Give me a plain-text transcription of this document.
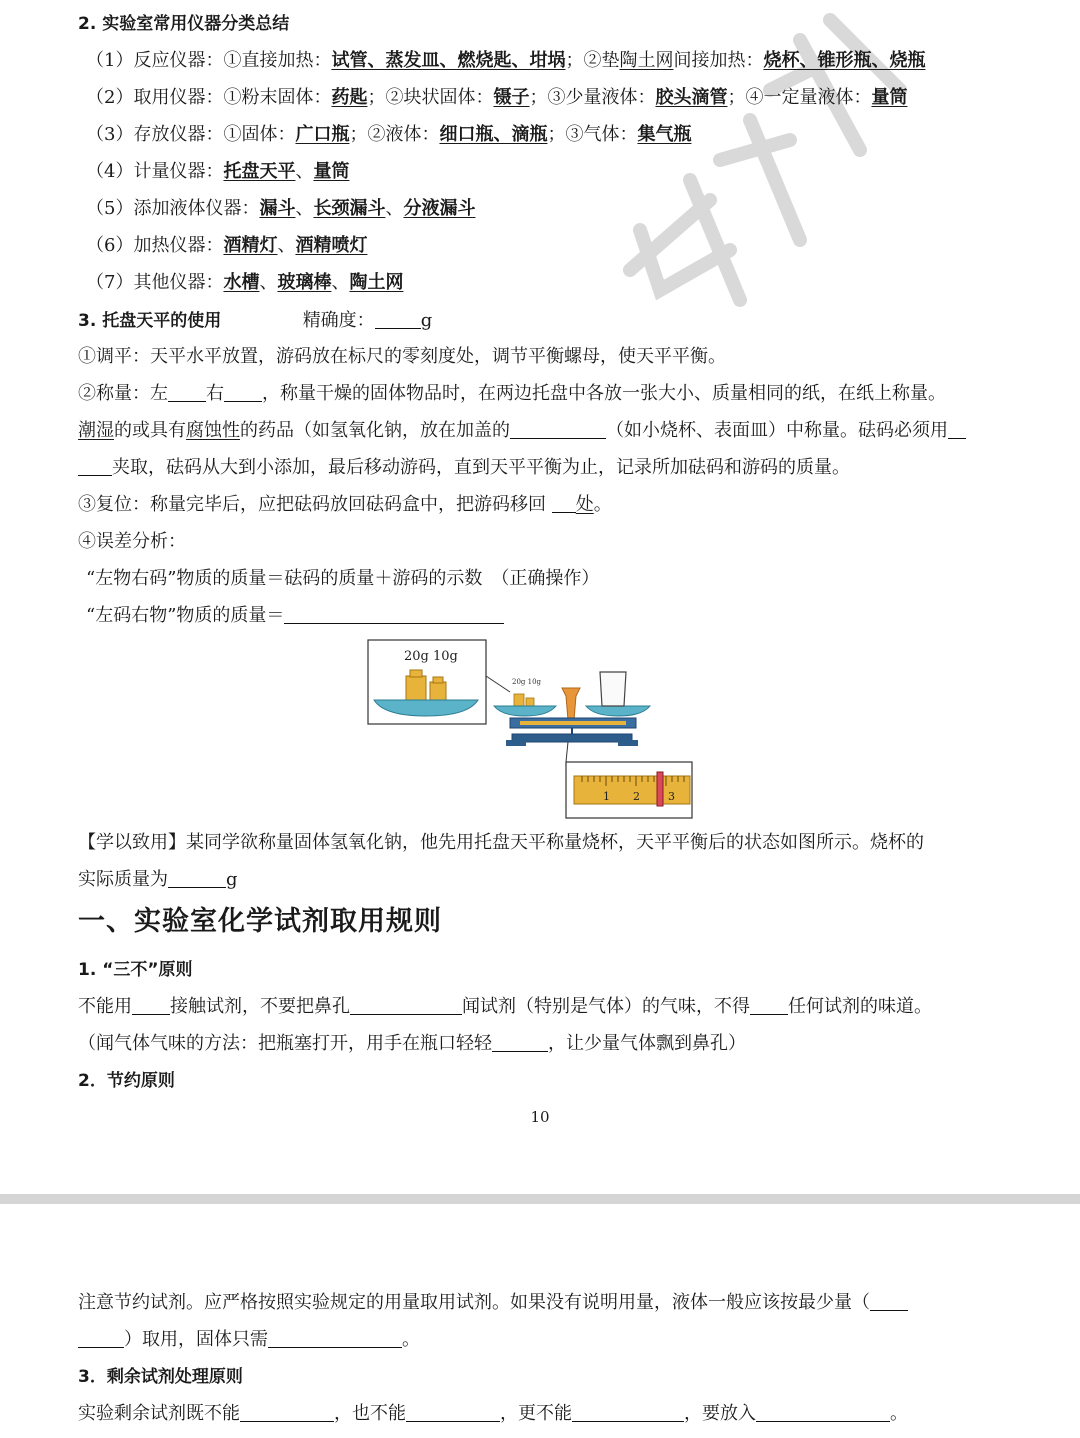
2. 实验室常用仪器分类总结
（1）反应仪器：①直接加热：试管、蒸发皿、燃烧匙、坩埚；②垫陶土网间接加热：烧杯、锥形瓶、烧瓶
（2）取用仪器：①粉末固体：药匙；②块状固体：镊子；③少量液体：胶头滴管；④一定量液体：量筒
（3）存放仪器：①固体：广口瓶；②液体：细口瓶、滴瓶；③气体：集气瓶
（4）计量仪器：托盘天平、量筒
（5）添加液体仪器：漏斗、长颈漏斗、分液漏斗
（6）加热仪器：酒精灯、酒精喷灯
（7）其他仪器：水槽、玻璃棒、陶土网
3. 托盘天平的使用	精确度：	g
①调平：天平水平放置，游码放在标尺的零刻度处，调节平衡螺母，使天平平衡。
②称量：左 右 ，称量干燥的固体物品时，在两边托盘中各放一张大小、质量相同的纸，在纸上称量。
潮湿的或具有腐蚀性的药品（如氢氧化钠，放在加盖的	（如小烧杯、表面皿）中称量。砝码必须用
夹取，砝码从大到小添加，最后移动游码，直到天平平衡为止，记录所加砝码和游码的质量。
③复位：称量完毕后，应把砝码放回砝码盒中，把游码移回 处。
④误差分析：
“左物右码”物质的质量＝砝码的质量＋游码的示数　（正确操作）
“左码右物”物质的质量＝
20g 10g
20g 10g
1 2	3
【学以致用】某同学欲称量固体氢氧化钠，他先用托盘天平称量烧杯，天平平衡后的状态如图所示。烧杯的
实际质量为	g
一、实验室化学试剂取用规则
1. “三不”原则
不能用 接触试剂，不要把鼻孔	闻试剂（特别是气体）的气味，不得 任何试剂的味道。
（闻气体气味的方法：把瓶塞打开，用手在瓶口轻轻	，让少量气体飘到鼻孔）
2．节约原则
10
注意节约试剂。应严格按照实验规定的用量取用试剂。如果没有说明用量，液体一般应该按最少量（
）取用，固体只需	。
3．剩余试剂处理原则
实验剩余试剂既不能	，也不能	，更不能	，要放入	。
